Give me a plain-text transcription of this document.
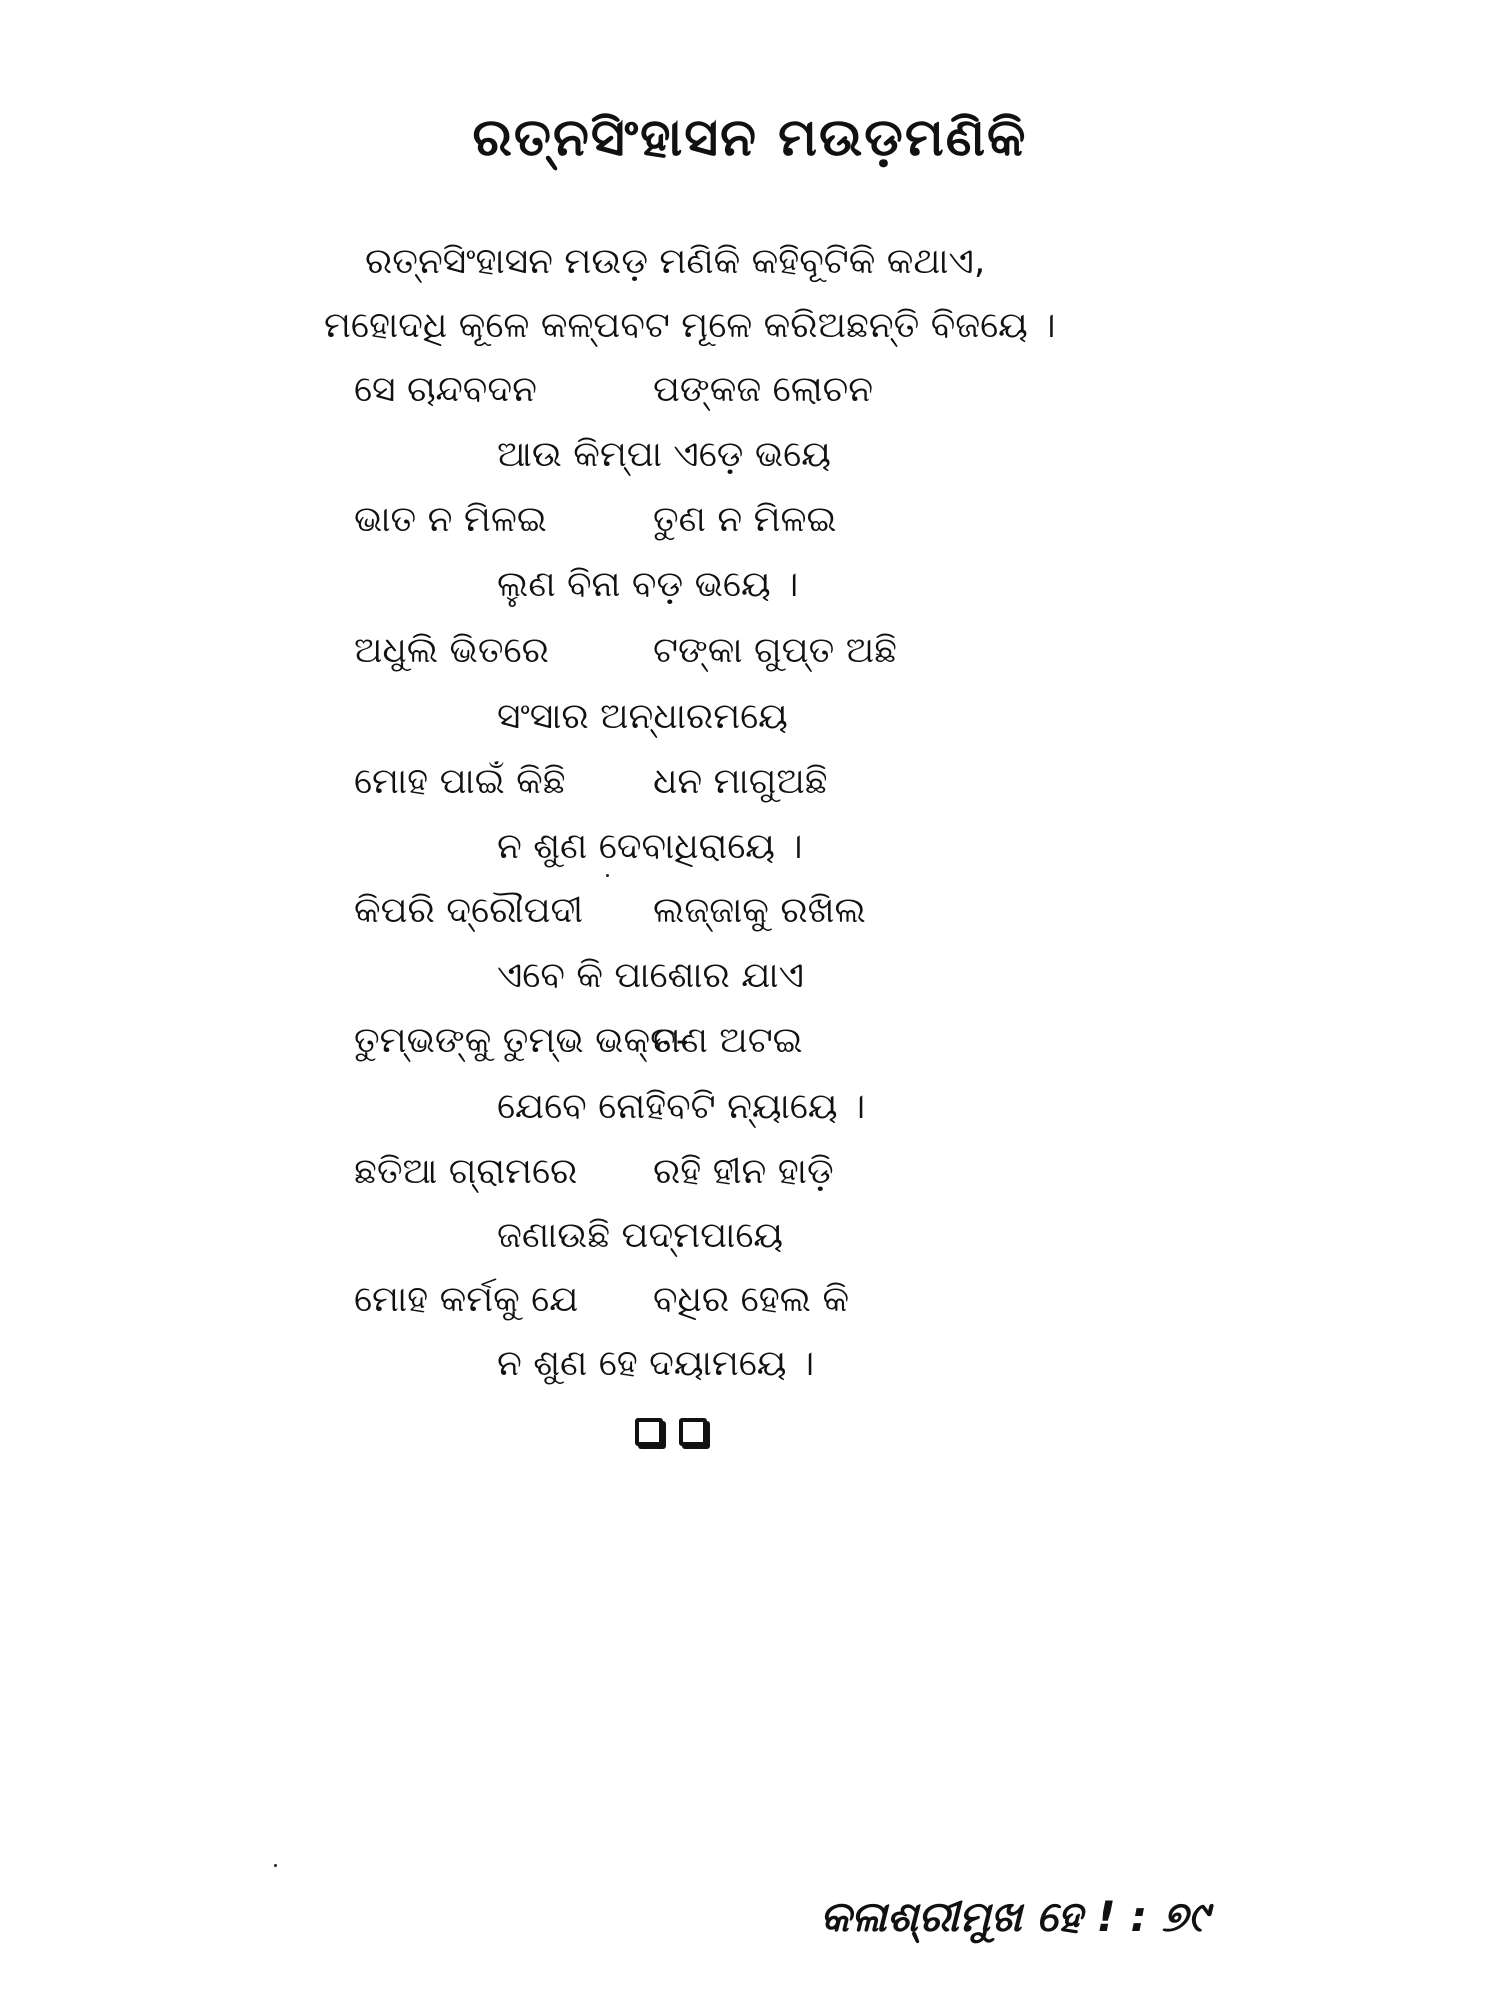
ରତ୍ନସିଂହାସନ ମଉଡ଼ମଣିକି
ରତ୍ନସିଂହାସନ ମଉଡ଼ ମଣିକି କହିବୂଟିକି କଥାଏ,
ମହୋଦଧି କୂଳେ କଳ୍ପବଟ ମୂଳେ କରିଅଛନ୍ତି ବିଜୟେ ।
ସେ ଚାନ୍ଦବଦନ	ପଙ୍କଜ ଲୋଚନ
ଆଉ କିମ୍ପା ଏଡ଼େ ଭୟେ
ଭାତ ନ ମିଳଇ	ତୁଣ ନ ମିଳଇ
ଲୁଣ ବିନା ବଡ଼ ଭୟେ ।
ଅଧୁଲି ଭିତରେ	ଟଙ୍କା ଗୁପ୍ତ ଅଛି
ସଂସାର ଅନ୍ଧାରମୟେ
ମୋହ ପାଇଁ କିଛି ଧନ ମାଗୁଅଛି
ନ ଶୁଣ ଦେବାଧିରାୟେ ।
କିପରି ଦ୍ରୌପଦୀ ଲଜ୍ଜାକୁ ରଖିଲ
ଏବେ କି ପାଶୋର ଯାଏ
ତୁମ୍ଭଙ୍କୁ ତୁମ୍ଭ ଭକ୍ତ-
ଗଣ ଅଟଇ
ଯେବେ ନୋହିବଟି ନ୍ୟାୟେ ।
ଛତିଆ ଗ୍ରାମରେ ରହି ହୀନ ହାଡ଼ି
ଜଣାଉଛି ପଦ୍ମପାୟେ
ମୋହ କର୍ମକୁ ଯେ ବଧିର ହେଲ କି
ନ ଶୁଣ ହେ ଦୟାମୟେ ।
କଳାଶ୍ରୀମୁଖ ହେ ! : ୭୯
